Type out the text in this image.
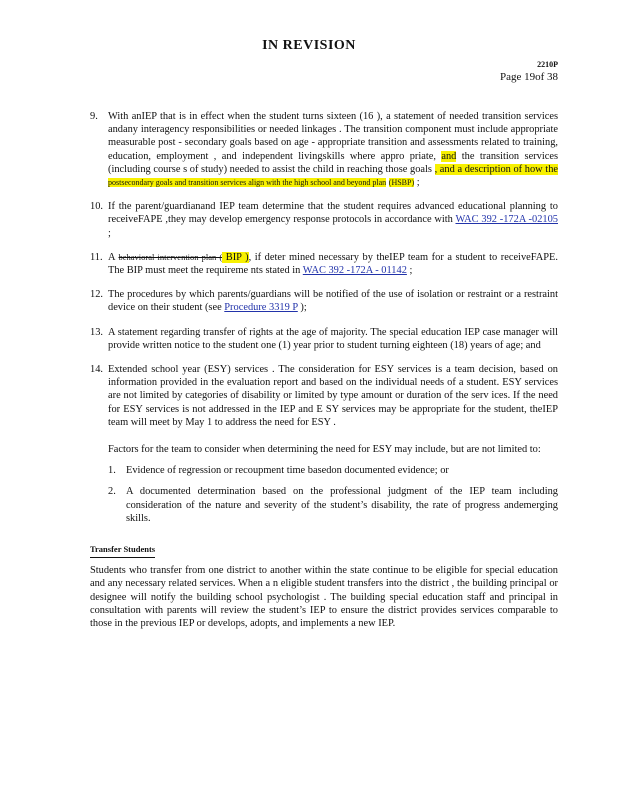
IN REVISION
2210P
Page 19of 38
9. With anIEP that is in effect when the student turns sixteen (16 ), a statement of needed transition services andany interagency responsibilities or needed linkages . The transition component must include appropriate measurable post - secondary goals based on age - appropriate transition and assessments related to training, education, employment , and independent livingskills where appro priate, and the transition services (including course s of study) needed to assist the child in reaching those goals , and a description of how the postsecondary goals and transition services align with the high school and beyond plan (HSBP) ;
10. If the parent/guardianand IEP team determine that the student requires advanced educational planning to receiveFAPE ,they may develop emergency response protocols in accordance with WAC 392 -172A -02105 ;
11. A behavioral intervention plan ( BIP ), if deter mined necessary by theIEP team for a student to receiveFAPE. The BIP must meet the requireme nts stated in WAC 392 -172A - 01142 ;
12. The procedures by which parents/guardians will be notified of the use of isolation or restraint or a restraint device on their student (see Procedure 3319 P );
13. A statement regarding transfer of rights at the age of majority. The special education IEP case manager will provide written notice to the student one (1) year prior to student turning eighteen (18) years of age; and
14. Extended school year (ESY) services . The consideration for ESY services is a team decision, based on information provided in the evaluation report and based on the individual needs of a student. ESY services are not limited by categories of disability or limited by type amount or duration of the serv ices. If the need for ESY services is not addressed in the IEP and E SY services may be appropriate for the student, theIEP team will meet by May 1 to address the need for ESY .
Factors for the team to consider when determining the need for ESY may include, but are not limited to:
1. Evidence of regression or recoupment time basedon documented evidence; or
2. A documented determination based on the professional judgment of the IEP team including consideration of the nature and severity of the student’s disability, the rate of progress andemerging skills.
Transfer Students
Students who transfer from one district to another within the state continue to be eligible for special education and any necessary related services. When a n eligible student transfers into the district , the building principal or designee will notify the building school psychologist . The building special education staff and principal in consultation with parents will review the student’s IEP to ensure the district provides services comparable to those in the previous IEP or develops, adopts, and implements a new IEP.
